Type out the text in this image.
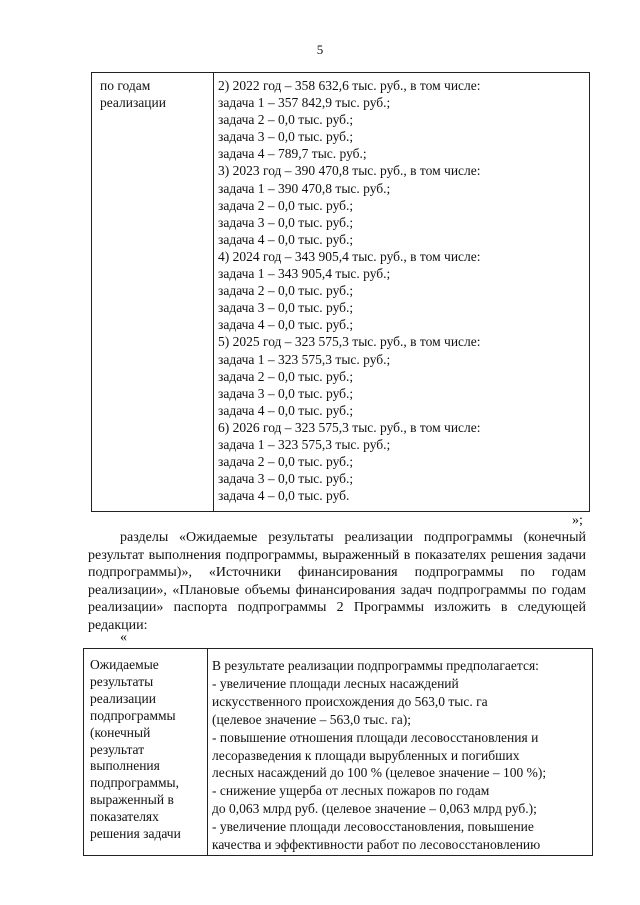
5
по годам
реализации
2) 2022 год – 358 632,6 тыс. руб., в том числе:
задача 1 – 357 842,9 тыс. руб.;
задача 2 – 0,0 тыс. руб.;
задача 3 – 0,0 тыс. руб.;
задача 4 – 789,7 тыс. руб.;
3) 2023 год – 390 470,8 тыс. руб., в том числе:
задача 1 – 390 470,8 тыс. руб.;
задача 2 – 0,0 тыс. руб.;
задача 3 – 0,0 тыс. руб.;
задача 4 – 0,0 тыс. руб.;
4) 2024 год – 343 905,4 тыс. руб., в том числе:
задача 1 – 343 905,4 тыс. руб.;
задача 2 – 0,0 тыс. руб.;
задача 3 – 0,0 тыс. руб.;
задача 4 – 0,0 тыс. руб.;
5) 2025 год – 323 575,3 тыс. руб., в том числе:
задача 1 – 323 575,3 тыс. руб.;
задача 2 – 0,0 тыс. руб.;
задача 3 – 0,0 тыс. руб.;
задача 4 – 0,0 тыс. руб.;
6) 2026 год – 323 575,3 тыс. руб., в том числе:
задача 1 – 323 575,3 тыс. руб.;
задача 2 – 0,0 тыс. руб.;
задача 3 – 0,0 тыс. руб.;
задача 4 – 0,0 тыс. руб.
»;
разделы «Ожидаемые результаты реализации подпрограммы (конечный результат выполнения подпрограммы, выраженный в показателях решения задачи подпрограммы)», «Источники финансирования подпрограммы по годам реализации», «Плановые объемы финансирования задач подпрограммы по годам реализации» паспорта подпрограммы 2 Программы изложить в следующей редакции:
«
Ожидаемые
результаты
реализации
подпрограммы
(конечный
результат
выполнения
подпрограммы,
выраженный в
показателях
решения задачи
В результате реализации подпрограммы предполагается:
- увеличение площади лесных насаждений
искусственного происхождения до 563,0 тыс. га
(целевое значение – 563,0 тыс. га);
- повышение отношения площади лесовосстановления и
лесоразведения к площади вырубленных и погибших
лесных насаждений до 100 % (целевое значение – 100 %);
- снижение ущерба от лесных пожаров по годам
до 0,063 млрд руб. (целевое значение – 0,063 млрд руб.);
- увеличение площади лесовосстановления, повышение
качества и эффективности работ по лесовосстановлению
